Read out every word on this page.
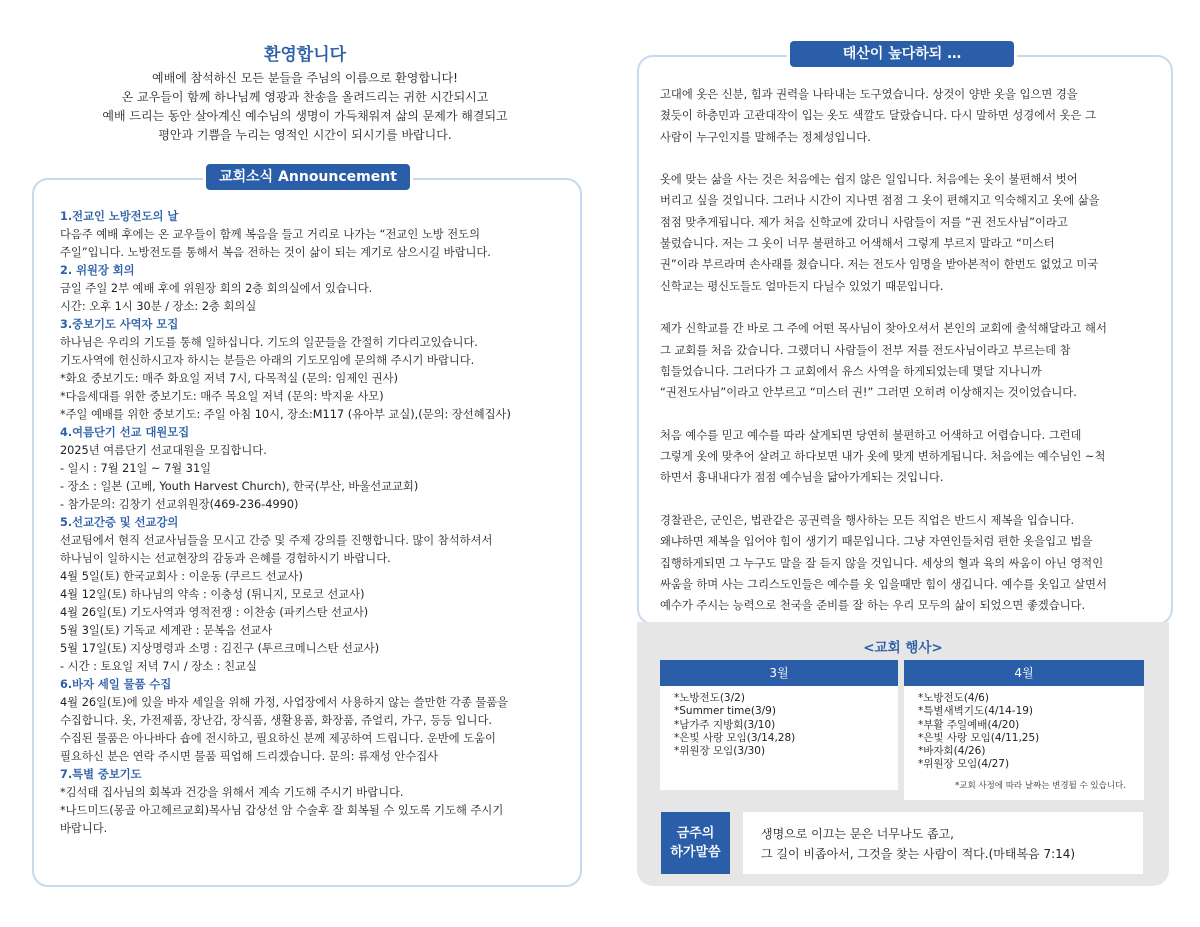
환영합니다

예배에 참석하신 모든 분들을 주님의 이름으로 환영합니다!

온 교우들이 함께 하나님께 영광과 찬송을 올려드리는 귀한 시간되시고

예배 드리는 동안 살아계신 예수님의 생명이 가득채워져 삶의 문제가 해결되고

평안과 기쁨을 누리는 영적인 시간이 되시기를 바랍니다.

교회소식 Announcement
1.전교인 노방전도의 날
다음주 예배 후에는 온 교우들이 함께 복음을 들고 거리로 나가는 “전교인 노방 전도의
주일”입니다. 노방전도를 통해서 복음 전하는 것이 삶이 되는 계기로 삼으시길 바랍니다.
2. 위원장 회의
금일 주일 2부 예배 후에 위원장 회의 2층 회의실에서 있습니다.
시간: 오후 1시 30분 / 장소: 2층 회의실
3.중보기도 사역자 모집
하나님은 우리의 기도를 통해 일하십니다. 기도의 일꾼들을 간절히 기다리고있습니다.
기도사역에 헌신하시고자 하시는 분들은 아래의 기도모임에 문의해 주시기 바랍니다.
*화요 중보기도: 매주 화요일 저녁 7시, 다목적실 (문의: 임제인 권사)
*다음세대를 위한 중보기도: 매주 목요일 저녁 (문의: 박지윤 사모)
*주일 예배를 위한 중보기도: 주일 아침 10시, 장소:M117 (유아부 교실),(문의: 장선혜집사)
4.여름단기 선교 대원모집
2025년 여름단기 선교대원을 모집합니다.
- 일시 : 7월 21일 ~ 7월 31일
- 장소 : 일본 (고베, Youth Harvest Church), 한국(부산, 바울선교교회)
- 참가문의: 김창기 선교위원장(469-236-4990)
5.선교간증 및 선교강의
선교팀에서 현직 선교사님들을 모시고 간증 및 주제 강의를 진행합니다. 많이 참석하셔서
하나님이 일하시는 선교현장의 감동과 은혜를 경험하시기 바랍니다.
4월 5일(토) 한국교회사 : 이운동 (쿠르드 선교사)
4월 12일(토) 하나님의 약속 : 이충성 (튀니지, 모로코 선교사)
4월 26일(토) 기도사역과 영적전쟁 : 이찬송 (파키스탄 선교사)
5월 3일(토) 기독교 세계관 : 문복음 선교사
5월 17일(토) 지상명령과 소명 : 김진구 (투르크메니스탄 선교사)
- 시간 : 토요일 저녁 7시 / 장소 : 친교실
6.바자 세일 물품 수집
4월 26일(토)에 있을 바자 세일을 위해 가정, 사업장에서 사용하지 않는 쓸만한 각종 물품을
수집합니다. 옷, 가전제품, 장난감, 장식품, 생활용품, 화장품, 쥬얼리, 가구, 등등 입니다.
수집된 물품은 아나바다 숍에 전시하고, 필요하신 분께 제공하여 드립니다. 운반에 도움이
필요하신 분은 연락 주시면 물품 픽업해 드리겠습니다. 문의: 류재성 안수집사
7.특별 중보기도
*김석태 집사님의 회복과 건강을 위해서 계속 기도해 주시기 바랍니다.
*나드미드(몽골 아고헤르교회)목사님 갑상선 암 수술후 잘 회복될 수 있도록 기도해 주시기
바랍니다.
태산이 높다하되 …

고대에 옷은 신분, 힘과 권력을 나타내는 도구였습니다. 상것이 양반 옷을 입으면 경을
쳤듯이 하층민과 고관대작이 입는 옷도 색깔도 달랐습니다. 다시 말하면 성경에서 옷은 그
사람이 누구인지를 말해주는 정체성입니다.

옷에 맞는 삶을 사는 것은 처음에는 쉽지 않은 일입니다. 처음에는 옷이 불편해서 벗어
버리고 싶을 것입니다. 그러나 시간이 지나면 점점 그 옷이 편해지고 익숙해지고 옷에 삶을
점점 맞추게됩니다. 제가 처음 신학교에 갔더니 사람들이 저를 “권 전도사님”이라고
불렀습니다. 저는 그 옷이 너무 불편하고 어색해서 그렇게 부르지 말라고 “미스터
권”이라 부르라며 손사래를 쳤습니다. 저는 전도사 임명을 받아본적이 한번도 없었고 미국
신학교는 평신도들도 얼마든지 다닐수 있었기 때문입니다.

제가 신학교를 간 바로 그 주에 어떤 목사님이 찾아오셔서 본인의 교회에 출석해달라고 해서
그 교회를 처음 갔습니다. 그랬더니 사람들이 전부 저를 전도사님이라고 부르는데 참
힘들었습니다. 그러다가 그 교회에서 유스 사역을 하게되었는데 몇달 지나니까
“권전도사님”이라고 안부르고 “미스터 권!” 그러면 오히려 이상해지는 것이었습니다.

처음 예수를 믿고 예수를 따라 살게되면 당연히 불편하고 어색하고 어렵습니다. 그런데
그렇게 옷에 맞추어 살려고 하다보면 내가 옷에 맞게 변하게됩니다. 처음에는 예수님인 ~척
하면서 흉내내다가 점점 예수님을 닮아가게되는 것입니다.

경찰관은, 군인은, 법관같은 공권력을 행사하는 모든 직업은 반드시 제복을 입습니다.
왜냐하면 제복을 입어야 힘이 생기기 때문입니다. 그냥 자연인들처럼 편한 옷을입고 법을
집행하게되면 그 누구도 말을 잘 듣지 않을 것입니다. 세상의 혈과 육의 싸움이 아닌 영적인
싸움을 하며 사는 그리스도인들은 예수를 옷 입을때만 힘이 생깁니다. 예수를 옷입고 살면서
예수가 주시는 능력으로 천국을 준비를 잘 하는 우리 모두의 삶이 되었으면 좋겠습니다.

<교회 행사>
3월
*노방전도(3/2)
*Summer time(3/9)
*남가주 지방회(3/10)
*은빛 사랑 모임(3/14,28)
*위원장 모임(3/30)
4월
*노방전도(4/6)
*특별새벽기도(4/14-19)
*부활 주일예배(4/20)
*은빛 사랑 모임(4/11,25)
*바자회(4/26)
*위원장 모임(4/27)
*교회 사정에 따라 날짜는 변경될 수 있습니다.
금주의
하가말씀
생명으로 이끄는 문은 너무나도 좁고,
그 길이 비좁아서, 그것을 찾는 사람이 적다.(마태복음 7:14)
